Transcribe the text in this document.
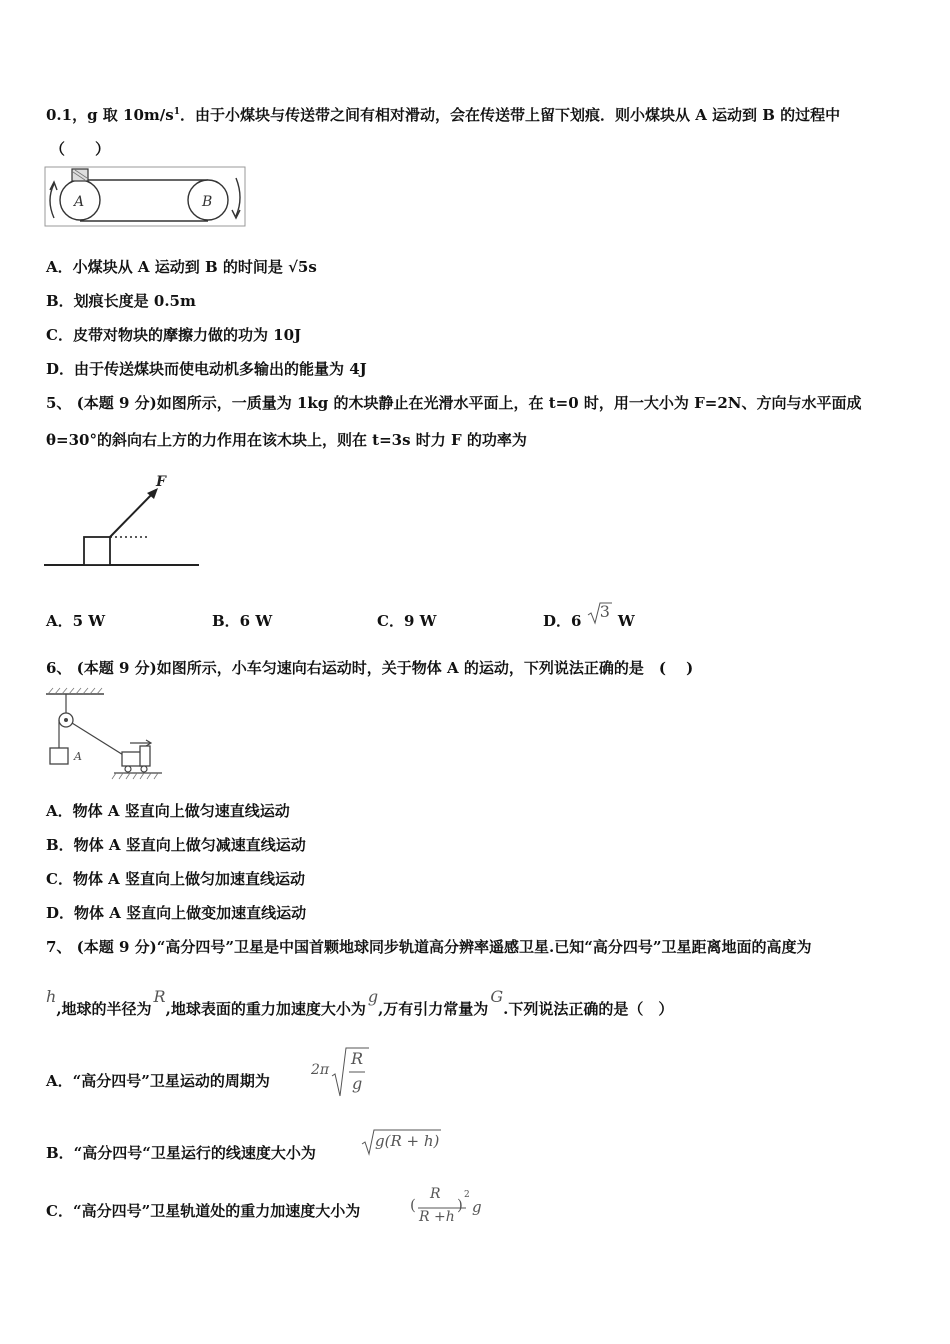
0.1，g 取 $10m/s^1$．由于小煤块与传送带之间有相对滑动，会在传送带上留下划痕．则小煤块从 A 运动到 B 的过程中
（　　）
A	B
A．小煤块从 A 运动到 B 的时间是 √5s
B．划痕长度是 0.5m
C．皮带对物块的摩擦力做的功为 10J
D．由于传送煤块而使电动机多输出的能量为 4J
5、 (本题 9 分)如图所示，一质量为 1kg 的木块静止在光滑水平面上，在 t=0 时，用一大小为 F=2N、方向与水平面成
θ=30°的斜向右上方的力作用在该木块上，则在 t=3s 时力 F 的功率为
F
A．5 W	B．6 W	C．9 W	D．6 3 W
6、 (本题 9 分)如图所示，小车匀速向右运动时，关于物体 A 的运动，下列说法正确的是　( 　)
A
A．物体 A 竖直向上做匀速直线运动
B．物体 A 竖直向上做匀减速直线运动
C．物体 A 竖直向上做匀加速直线运动
D．物体 A 竖直向上做变加速直线运动
7、 (本题 9 分)“高分四号”卫星是中国首颗地球同步轨道高分辨率遥感卫星.已知“高分四号”卫星距离地面的高度为
h,地球的半径为R,地球表面的重力加速度大小为g,万有引力常量为G.下列说法正确的是（　）
A．“高分四号”卫星运动的周期为
2π
R
g
B．“高分四号“卫星运行的线速度大小为
g(R + h)
C．“高分四号”卫星轨道处的重力加速度大小为	(
R
R +h
)
2
g
